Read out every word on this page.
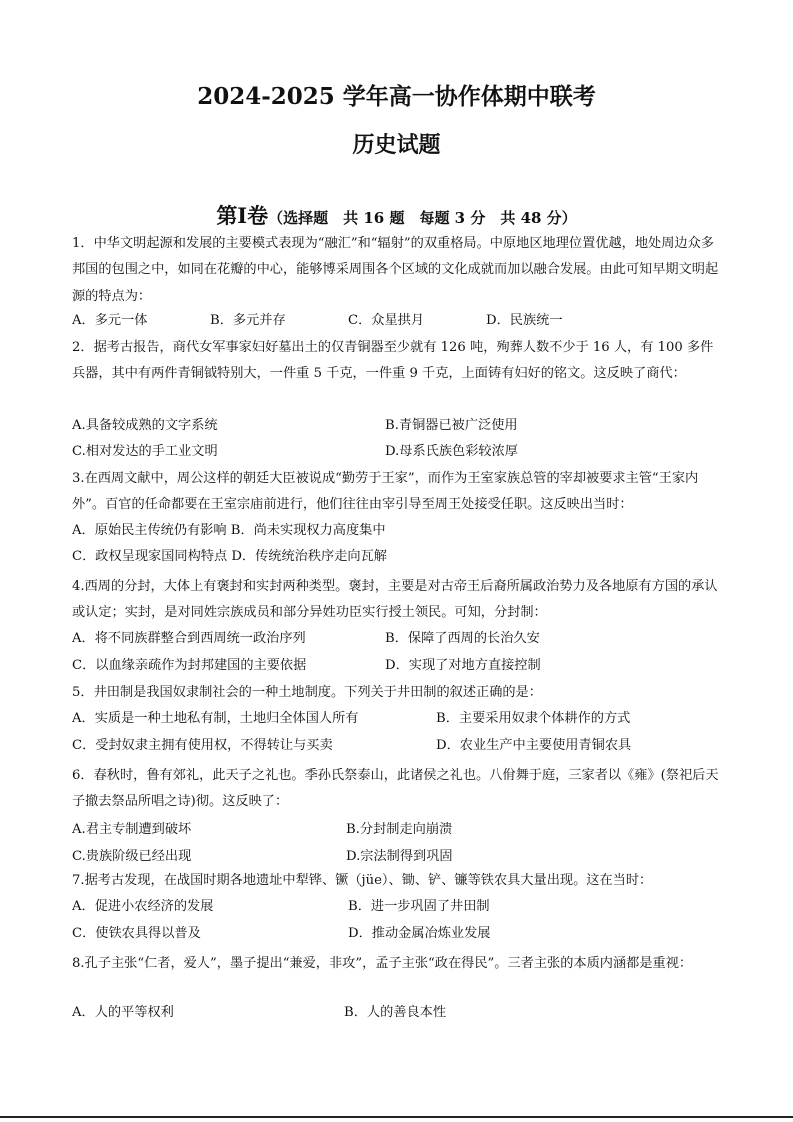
2024-2025 学年高一协作体期中联考
历史试题
第Ⅰ卷（选择题　共 16 题　每题 3 分　共 48 分）
1．中华文明起源和发展的主要模式表现为“融汇”和“辐射”的双重格局。中原地区地理位置优越，地处周边众多邦国的包围之中，如同在花瓣的中心，能够博采周围各个区域的文化成就而加以融合发展。由此可知早期文明起源的特点为：
A．多元一体	B．多元并存	C．众星拱月	D．民族统一
2．据考古报告，商代女军事家妇好墓出土的仅青铜器至少就有 126 吨，殉葬人数不少于 16 人，有 100 多件兵器，其中有两件青铜钺特别大，一件重 5 千克，一件重 9 千克，上面铸有妇好的铭文。这反映了商代：
A.具备较成熟的文字系统	B.青铜器已被广泛使用
C.相对发达的手工业文明	D.母系氏族色彩较浓厚
3.在西周文献中，周公这样的朝廷大臣被说成“勤劳于王家”，而作为王室家族总管的宰却被要求主管“王家内外”。百官的任命都要在王室宗庙前进行，他们往往由宰引导至周王处接受任职。这反映出当时：
A．原始民主传统仍有影响 B．尚未实现权力高度集中
C．政权呈现家国同构特点 D．传统统治秩序走向瓦解
4.西周的分封，大体上有褒封和实封两种类型。褒封，主要是对古帝王后裔所属政治势力及各地原有方国的承认或认定；实封，是对同姓宗族成员和部分异姓功臣实行授土领民。可知，分封制：
A．将不同族群整合到西周统一政治序列	B．保障了西周的长治久安
C．以血缘亲疏作为封邦建国的主要依据	D．实现了对地方直接控制
5．井田制是我国奴隶制社会的一种土地制度。下列关于井田制的叙述正确的是：
A．实质是一种土地私有制，土地归全体国人所有	B．主要采用奴隶个体耕作的方式
C．受封奴隶主拥有使用权，不得转让与买卖	D．农业生产中主要使用青铜农具
6．春秋时，鲁有郊礼，此天子之礼也。季孙氏祭泰山，此诸侯之礼也。八佾舞于庭，三家者以《雍》(祭祀后天子撤去祭品所唱之诗)彻。这反映了：
A.君主专制遭到破坏	B.分封制走向崩溃
C.贵族阶级已经出现	D.宗法制得到巩固
7.据考古发现，在战国时期各地遗址中犁铧、镢（jüe）、锄、铲、镰等铁农具大量出现。这在当时：
A．促进小农经济的发展	B．进一步巩固了井田制
C．使铁农具得以普及	D．推动金属冶炼业发展
8.孔子主张“仁者，爱人”，墨子提出“兼爱，非攻”，孟子主张“政在得民”。三者主张的本质内涵都是重视：
A．人的平等权利	B．人的善良本性
